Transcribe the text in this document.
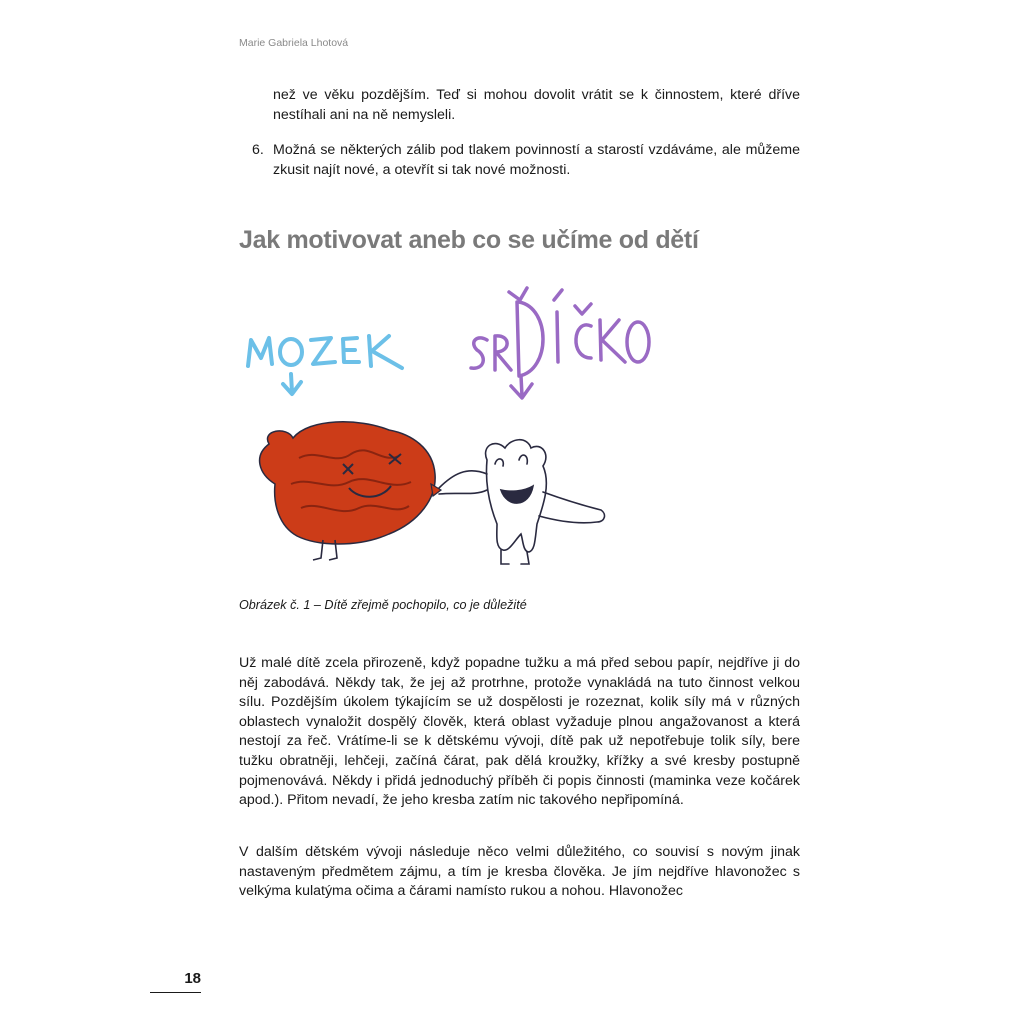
Marie Gabriela Lhotová

než ve věku pozdějším. Teď si mohou dovolit vrátit se k činnostem, které dříve nestíhali ani na ně nemysleli.

6. Možná se některých zálib pod tlakem povinností a starostí vzdáváme, ale můžeme zkusit najít nové, a otevřít si tak nové možnosti.

Jak motivovat aneb co se učíme od dětí
Obrázek č. 1 – Dítě zřejmě pochopilo, co je důležité

Už malé dítě zcela přirozeně, když popadne tužku a má před sebou papír, nejdříve ji do něj zabodává. Někdy tak, že jej až protrhne, protože vynakládá na tuto činnost velkou sílu. Pozdějším úkolem týkajícím se už dospělosti je rozeznat, kolik síly má v různých oblastech vynaložit dospělý člověk, která oblast vyžaduje plnou angažovanost a která nestojí za řeč. Vrátíme-li se k dětskému vývoji, dítě pak už nepotřebuje tolik síly, bere tužku obratněji, lehčeji, začíná čárat, pak dělá kroužky, křížky a své kresby postupně pojmenovává. Někdy i přidá jednoduchý příběh či popis činnosti (maminka veze kočárek apod.). Přitom nevadí, že jeho kresba zatím nic takového nepřipomíná.

V dalším dětském vývoji následuje něco velmi důležitého, co souvisí s novým jinak nastaveným předmětem zájmu, a tím je kresba člověka. Je jím nejdříve hlavonožec s velkýma kulatýma očima a čárami namísto rukou a nohou. Hlavonožec

18
